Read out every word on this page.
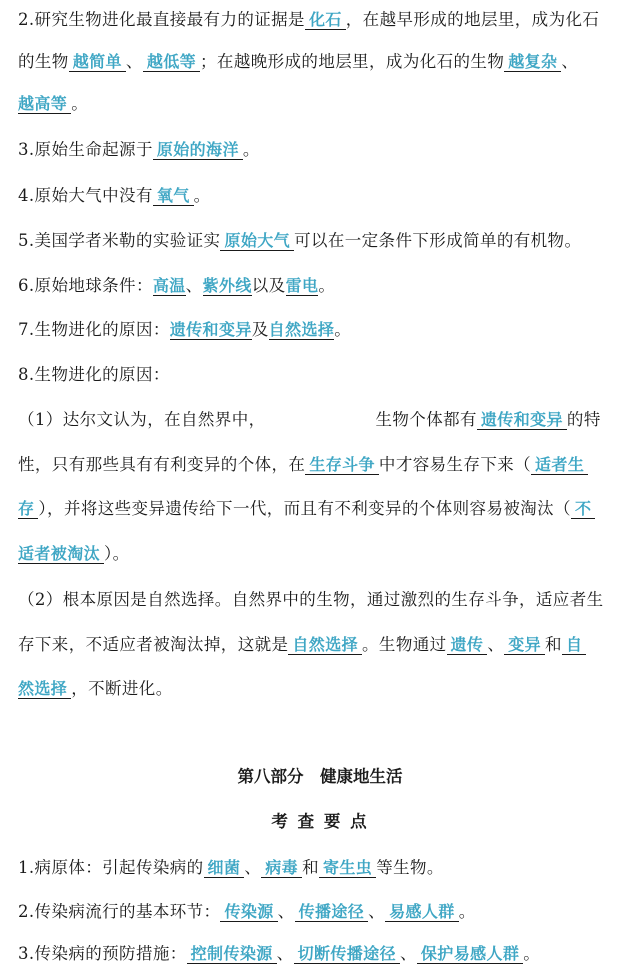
2.研究生物进化最直接最有力的证据是 化石 ，在越早形成的地层里，成为化石
的生物 越简单 、 越低等 ；在越晚形成的地层里，成为化石的生物 越复杂 、
越高等 。
3.原始生命起源于 原始的海洋 。
4.原始大气中没有 氧气 。
5.美国学者米勒的实验证实 原始大气 可以在一定条件下形成简单的有机物。
6.原始地球条件：高温、紫外线以及雷电。
7.生物进化的原因：遗传和变异及自然选择。
8.生物进化的原因：
（1）达尔文认为，在自然界中，	生物个体都有 遗传和变异 的特
性，只有那些具有有利变异的个体，在 生存斗争 中才容易生存下来（ 适者生
存 ），并将这些变异遗传给下一代，而且有不利变异的个体则容易被淘汰（ 不
适者被淘汰 ）。
（2）根本原因是自然选择。自然界中的生物，通过激烈的生存斗争，适应者生
存下来，不适应者被淘汰掉，这就是 自然选择 。生物通过 遗传 、 变异 和 自
然选择 ，不断进化。
第八部分　健康地生活
考 查 要 点
1.病原体：引起传染病的 细菌 、 病毒 和 寄生虫 等生物。
2.传染病流行的基本环节： 传染源 、 传播途径 、 易感人群 。
3.传染病的预防措施： 控制传染源 、 切断传播途径 、 保护易感人群 。
